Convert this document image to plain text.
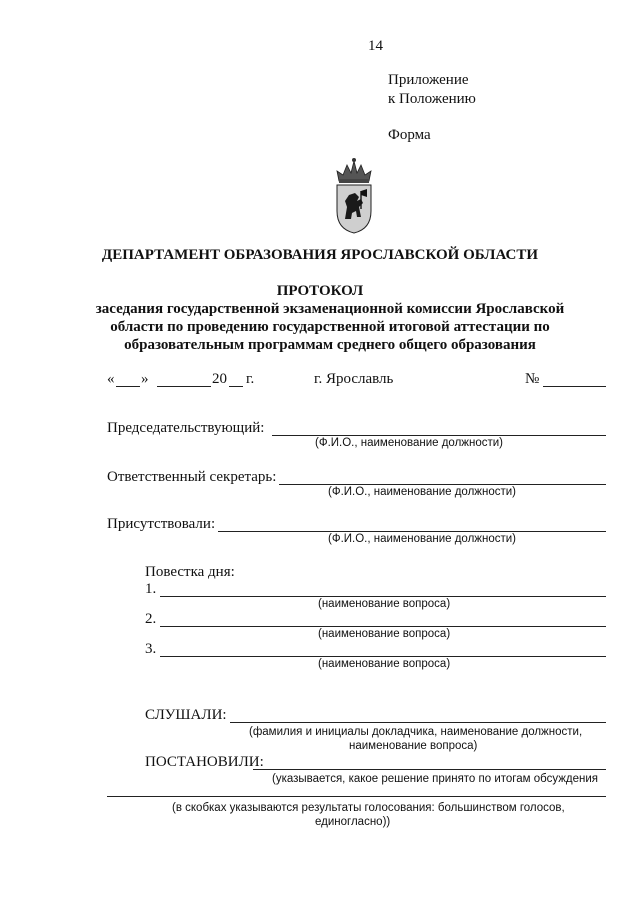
14
Приложение
к Положению
Форма
ДЕПАРТАМЕНТ ОБРАЗОВАНИЯ ЯРОСЛАВСКОЙ ОБЛАСТИ
ПРОТОКОЛ
заседания государственной экзаменационной комиссии Ярославской
области по проведению государственной итоговой аттестации по
образовательным программам среднего общего образования
« »	20 г.	г. Ярославль	№
Председательствующий:
(Ф.И.О., наименование должности)
Ответственный секретарь:
(Ф.И.О., наименование должности)
Присутствовали:
(Ф.И.О., наименование должности)
Повестка дня:
1.
(наименование вопроса)
2.
(наименование вопроса)
3.
(наименование вопроса)
СЛУШАЛИ:
(фамилия и инициалы докладчика, наименование должности,
наименование вопроса)
ПОСТАНОВИЛИ:
(указывается, какое решение принято по итогам обсуждения
(в скобках указываются результаты голосования: большинством голосов,
единогласно))
